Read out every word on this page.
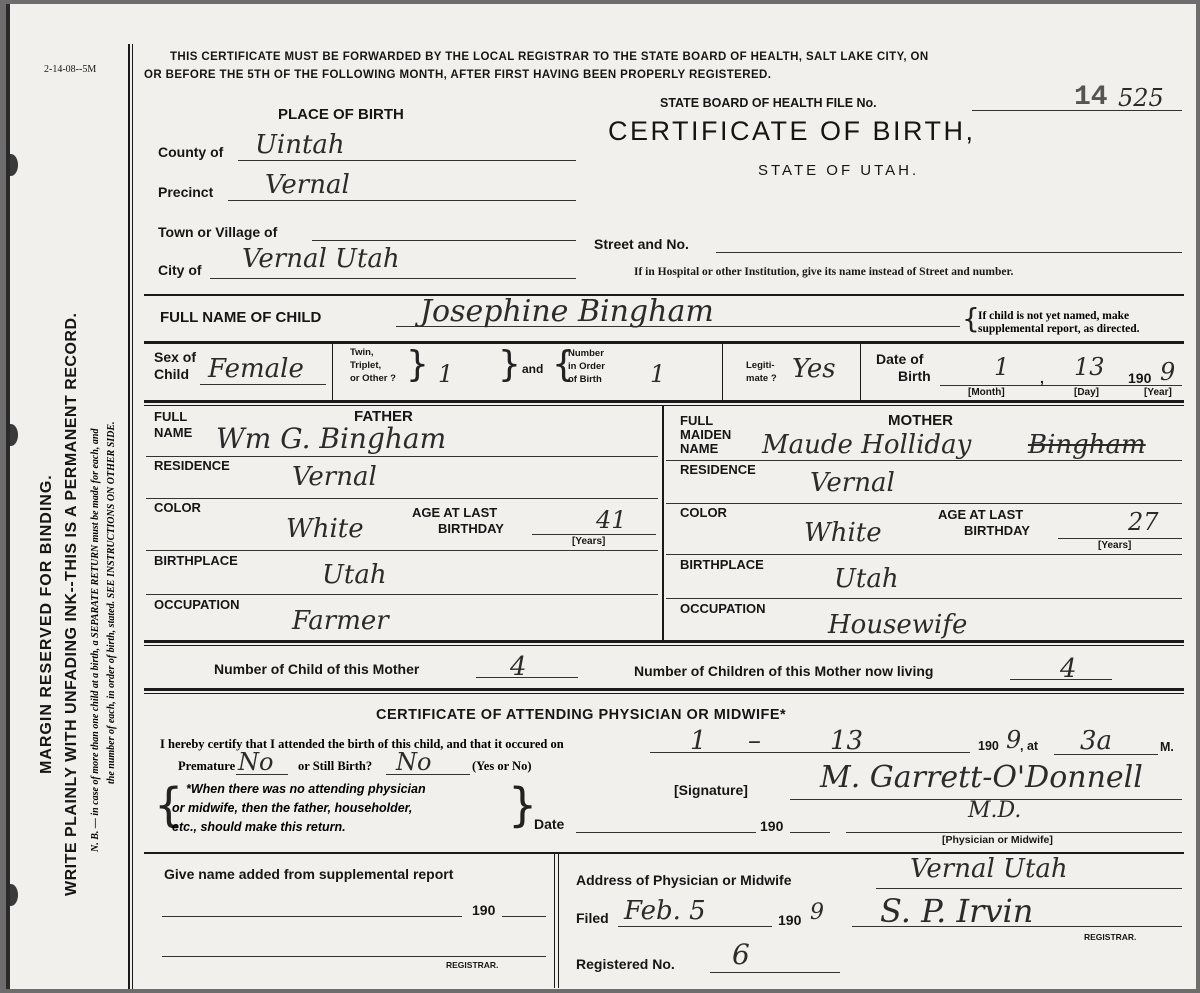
2-14-08--5M
MARGIN RESERVED FOR BINDING. WRITE PLAINLY WITH UNFADING INK--THIS IS A PERMANENT RECORD. N. B. — in case of more than one child at a birth, a SEPARATE RETURN must be made for each, and the number of each, in order of birth, stated. SEE INSTRUCTIONS ON OTHER SIDE.
THIS CERTIFICATE MUST BE FORWARDED BY THE LOCAL REGISTRAR TO THE STATE BOARD OF HEALTH, SALT LAKE CITY, ON
OR BEFORE THE 5TH OF THE FOLLOWING MONTH, AFTER FIRST HAVING BEEN PROPERLY REGISTERED.
STATE BOARD OF HEALTH FILE No.	14 525
CERTIFICATE OF BIRTH,
STATE OF UTAH.
PLACE OF BIRTH
County of Uintah
Precinct Vernal
Town or Village of
City of Vernal Utah	Street and No.
If in Hospital or other Institution, give its name instead of Street and number.
FULL NAME OF CHILD	Josephine Bingham	{
If child is not yet named, make
supplemental report, as directed.
Sex of
Child Female
Twin,
Triplet,
or Other ? } 1 } and {
Number
in Order
of Birth 1	Legiti-
mate ? Yes	Date of
Birth	1 , 13 190 9
[Month]	[Day]	[Year]
FATHER
FULL
NAME Wm G. Bingham
RESIDENCE Vernal
COLOR
White
AGE AT LAST
BIRTHDAY	41
[Years]
BIRTHPLACE	Utah
OCCUPATION
Farmer
MOTHER
FULL
MAIDEN
NAME Maude Holliday Bingham
RESIDENCE Vernal
COLOR
White
AGE AT LAST
BIRTHDAY	27
[Years]
BIRTHPLACE	Utah
OCCUPATION
Housewife
Number of Child of this Mother	4	Number of Children of this Mother now living	4
CERTIFICATE OF ATTENDING PHYSICIAN OR MIDWIFE*
I hereby certify that I attended the birth of this child, and that it occured on	1 –	13	190 9
, at 3a	M.
Premature No or Still Birth? No	(Yes or No)
{ *When there was no attending physician
or midwife, then the father, householder,
etc., should make this return.	}	[Signature] M. Garrett-O'Donnell
M.D.
Date	190
[Physician or Midwife]
Give name added from supplemental report
190
REGISTRAR.
Address of Physician or Midwife	Vernal Utah
Filed Feb. 5	190 9 S. P. Irvin
REGISTRAR.
Registered No. 6
